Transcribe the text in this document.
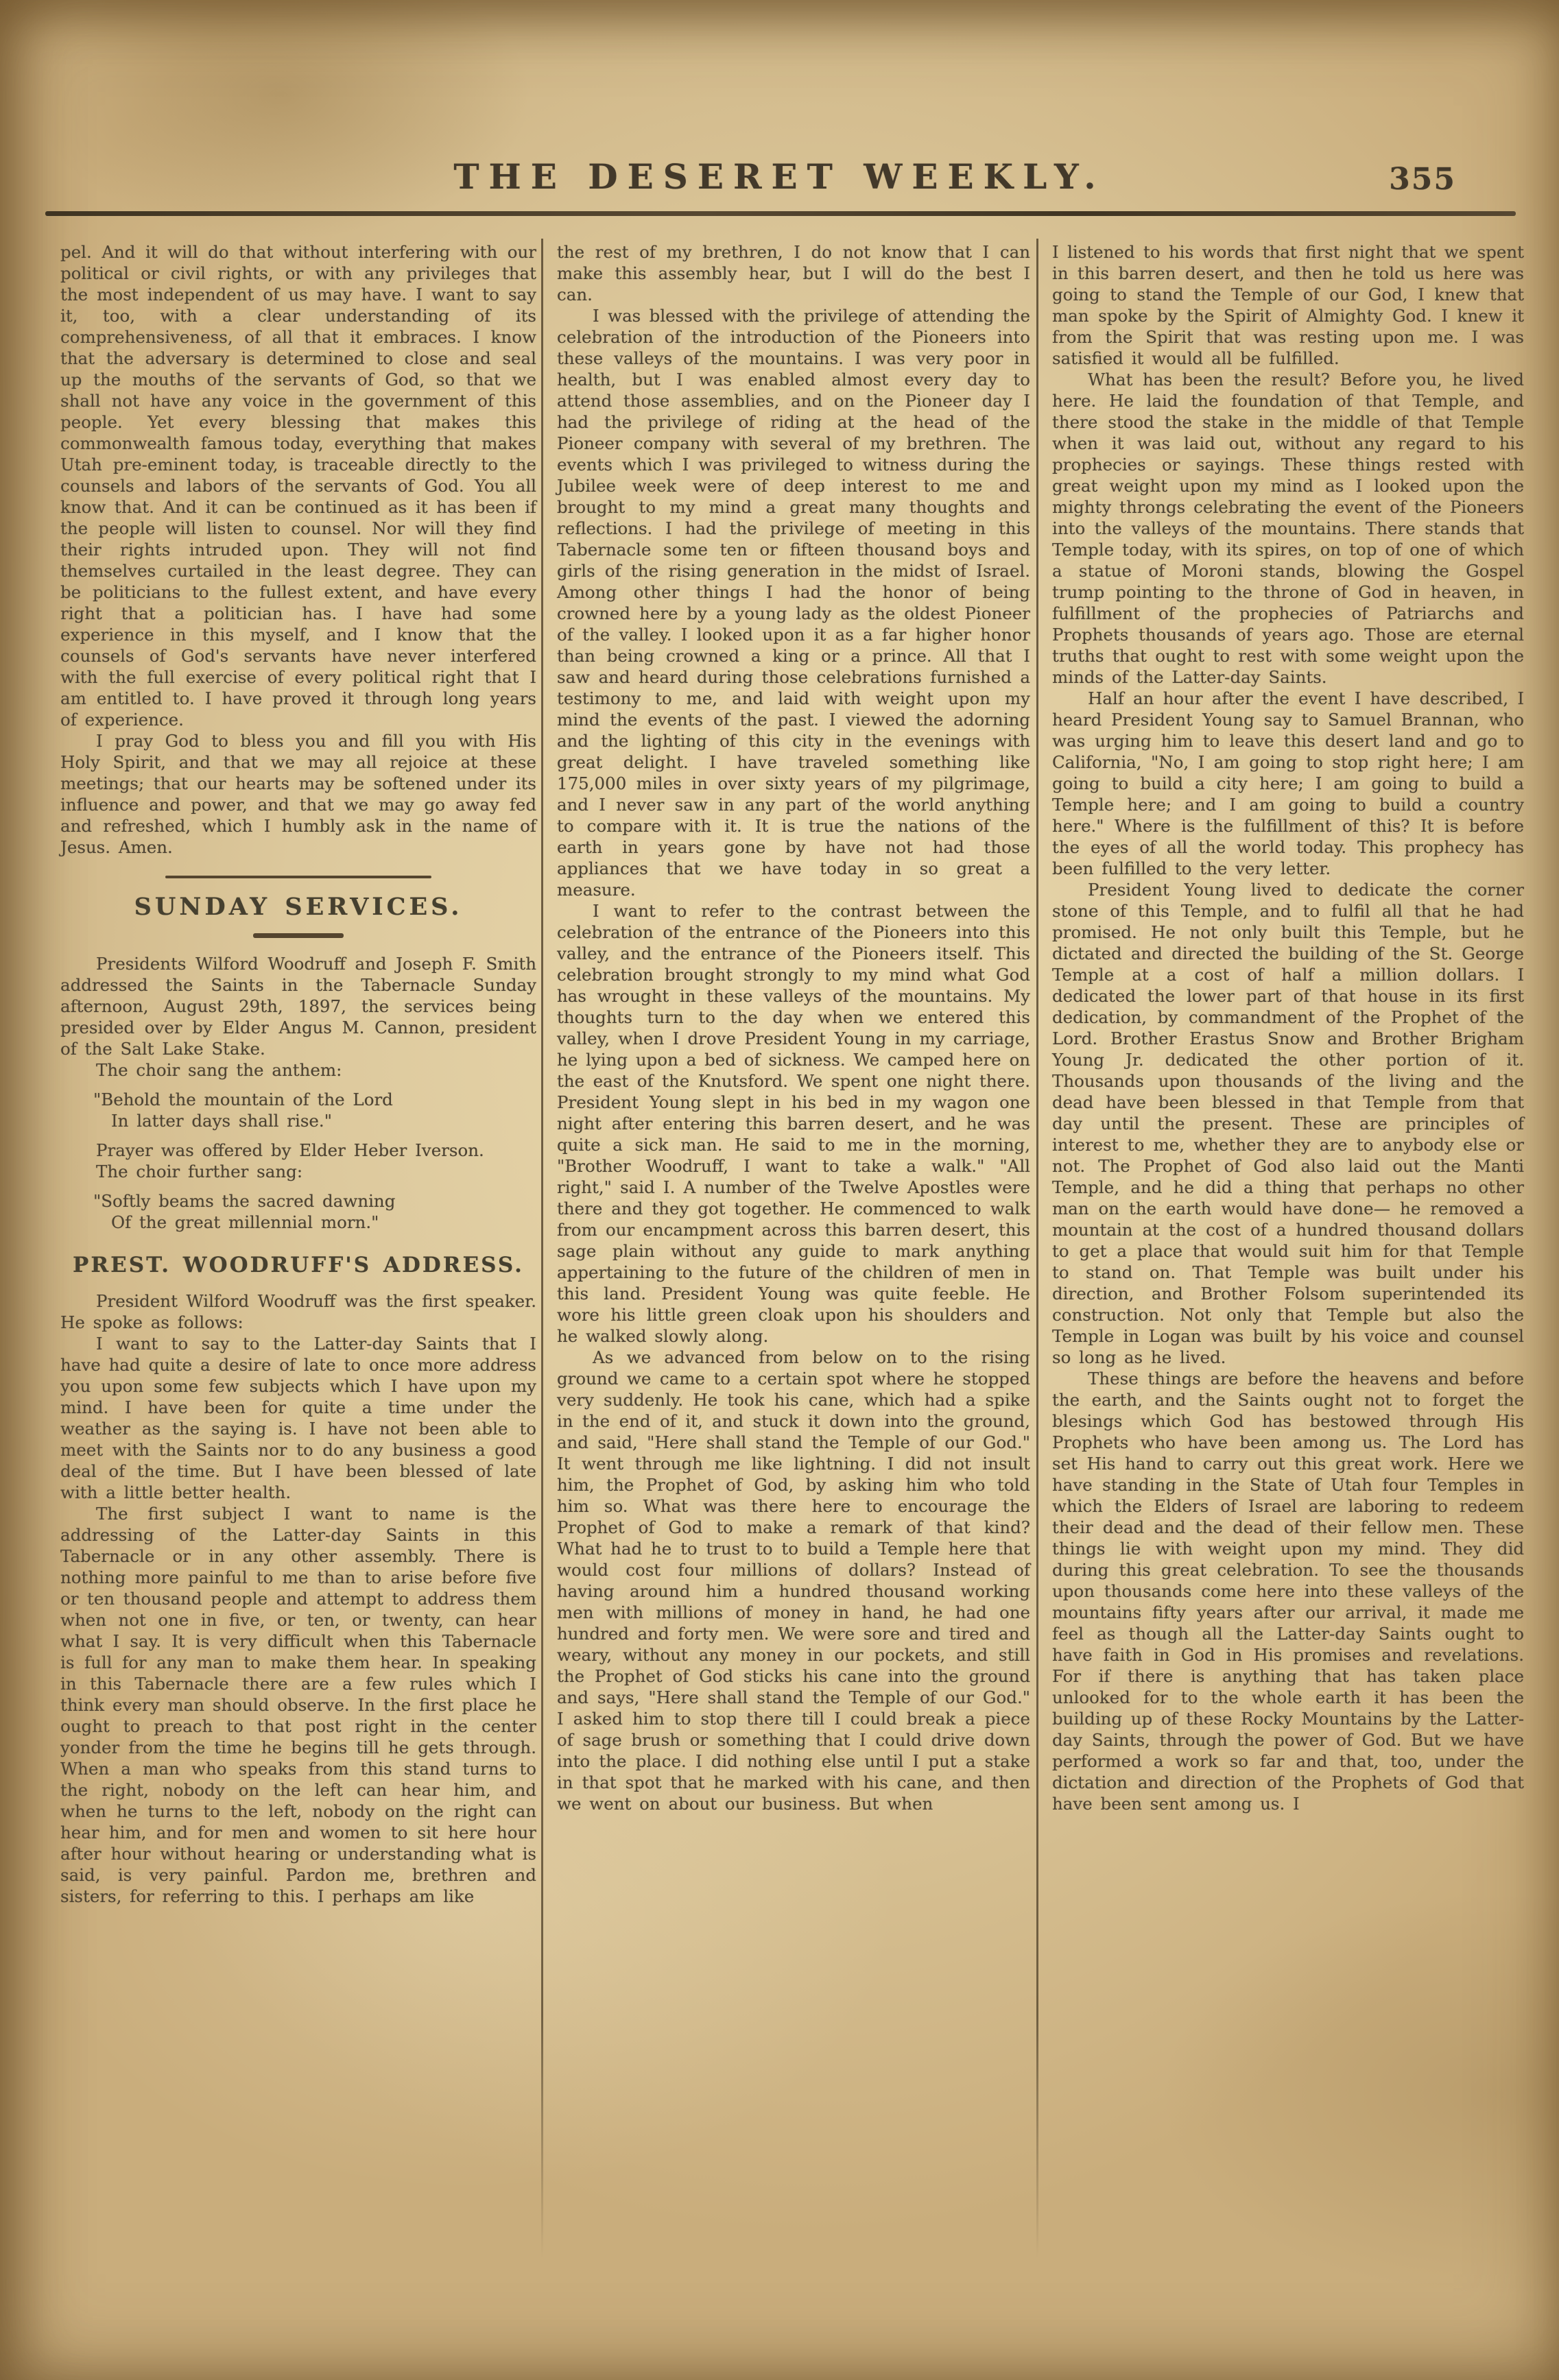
THE DESERET WEEKLY.	355
pel. And it will do that without interfering with our political or civil rights, or with any privileges that the most independent of us may have. I want to say it, too, with a clear understanding of its comprehensiveness, of all that it embraces. I know that the adversary is determined to close and seal up the mouths of the servants of God, so that we shall not have any voice in the government of this people. Yet every blessing that makes this commonwealth famous today, everything that makes Utah pre-eminent today, is traceable directly to the counsels and labors of the servants of God. You all know that. And it can be continued as it has been if the people will listen to counsel. Nor will they find their rights intruded upon. They will not find themselves curtailed in the least degree. They can be politicians to the fullest extent, and have every right that a politician has. I have had some experience in this myself, and I know that the counsels of God's servants have never interfered with the full exercise of every political right that I am entitled to. I have proved it through long years of experience.
I pray God to bless you and fill you with His Holy Spirit, and that we may all rejoice at these meetings; that our hearts may be softened under its influence and power, and that we may go away fed and refreshed, which I humbly ask in the name of Jesus. Amen.
SUNDAY SERVICES.
Presidents Wilford Woodruff and Joseph F. Smith addressed the Saints in the Tabernacle Sunday afternoon, August 29th, 1897, the services being presided over by Elder Angus M. Cannon, president of the Salt Lake Stake.
The choir sang the anthem:
"Behold the mountain of the Lord
In latter days shall rise."
Prayer was offered by Elder Heber Iverson.
The choir further sang:
"Softly beams the sacred dawning
Of the great millennial morn."
PREST. WOODRUFF'S ADDRESS.
President Wilford Woodruff was the first speaker. He spoke as follows:
I want to say to the Latter-day Saints that I have had quite a desire of late to once more address you upon some few subjects which I have upon my mind. I have been for quite a time under the weather as the saying is. I have not been able to meet with the Saints nor to do any business a good deal of the time. But I have been blessed of late with a little better health.
The first subject I want to name is the addressing of the Latter-day Saints in this Tabernacle or in any other assembly. There is nothing more painful to me than to arise before five or ten thousand people and attempt to address them when not one in five, or ten, or twenty, can hear what I say. It is very difficult when this Tabernacle is full for any man to make them hear. In speaking in this Tabernacle there are a few rules which I think every man should observe. In the first place he ought to preach to that post right in the center yonder from the time he begins till he gets through. When a man who speaks from this stand turns to the right, nobody on the left can hear him, and when he turns to the left, nobody on the right can hear him, and for men and women to sit here hour after hour without hearing or understanding what is said, is very painful. Pardon me, brethren and sisters, for referring to this. I perhaps am like
the rest of my brethren, I do not know that I can make this assembly hear, but I will do the best I can.
I was blessed with the privilege of attending the celebration of the introduction of the Pioneers into these valleys of the mountains. I was very poor in health, but I was enabled almost every day to attend those assemblies, and on the Pioneer day I had the privilege of riding at the head of the Pioneer company with several of my brethren. The events which I was privileged to witness during the Jubilee week were of deep interest to me and brought to my mind a great many thoughts and reflections. I had the privilege of meeting in this Tabernacle some ten or fifteen thousand boys and girls of the rising generation in the midst of Israel. Among other things I had the honor of being crowned here by a young lady as the oldest Pioneer of the valley. I looked upon it as a far higher honor than being crowned a king or a prince. All that I saw and heard during those celebrations furnished a testimony to me, and laid with weight upon my mind the events of the past. I viewed the adorning and the lighting of this city in the evenings with great delight. I have traveled something like 175,000 miles in over sixty years of my pilgrimage, and I never saw in any part of the world anything to compare with it. It is true the nations of the earth in years gone by have not had those appliances that we have today in so great a measure.
I want to refer to the contrast between the celebration of the entrance of the Pioneers into this valley, and the entrance of the Pioneers itself. This celebration brought strongly to my mind what God has wrought in these valleys of the mountains. My thoughts turn to the day when we entered this valley, when I drove President Young in my carriage, he lying upon a bed of sickness. We camped here on the east of the Knutsford. We spent one night there. President Young slept in his bed in my wagon one night after entering this barren desert, and he was quite a sick man. He said to me in the morning, "Brother Woodruff, I want to take a walk." "All right," said I. A number of the Twelve Apostles were there and they got together. He commenced to walk from our encampment across this barren desert, this sage plain without any guide to mark anything appertaining to the future of the children of men in this land. President Young was quite feeble. He wore his little green cloak upon his shoulders and he walked slowly along.
As we advanced from below on to the rising ground we came to a certain spot where he stopped very suddenly. He took his cane, which had a spike in the end of it, and stuck it down into the ground, and said, "Here shall stand the Temple of our God." It went through me like lightning. I did not insult him, the Prophet of God, by asking him who told him so. What was there here to encourage the Prophet of God to make a remark of that kind? What had he to trust to to build a Temple here that would cost four millions of dollars? Instead of having around him a hundred thousand working men with millions of money in hand, he had one hundred and forty men. We were sore and tired and weary, without any money in our pockets, and still the Prophet of God sticks his cane into the ground and says, "Here shall stand the Temple of our God." I asked him to stop there till I could break a piece of sage brush or something that I could drive down into the place. I did nothing else until I put a stake in that spot that he marked with his cane, and then we went on about our business. But when
I listened to his words that first night that we spent in this barren desert, and then he told us here was going to stand the Temple of our God, I knew that man spoke by the Spirit of Almighty God. I knew it from the Spirit that was resting upon me. I was satisfied it would all be fulfilled.
What has been the result? Before you, he lived here. He laid the foundation of that Temple, and there stood the stake in the middle of that Temple when it was laid out, without any regard to his prophecies or sayings. These things rested with great weight upon my mind as I looked upon the mighty throngs celebrating the event of the Pioneers into the valleys of the mountains. There stands that Temple today, with its spires, on top of one of which a statue of Moroni stands, blowing the Gospel trump pointing to the throne of God in heaven, in fulfillment of the prophecies of Patriarchs and Prophets thousands of years ago. Those are eternal truths that ought to rest with some weight upon the minds of the Latter-day Saints.
Half an hour after the event I have described, I heard President Young say to Samuel Brannan, who was urging him to leave this desert land and go to California, "No, I am going to stop right here; I am going to build a city here; I am going to build a Temple here; and I am going to build a country here." Where is the fulfillment of this? It is before the eyes of all the world today. This prophecy has been fulfilled to the very letter.
President Young lived to dedicate the corner stone of this Temple, and to fulfil all that he had promised. He not only built this Temple, but he dictated and directed the building of the St. George Temple at a cost of half a million dollars. I dedicated the lower part of that house in its first dedication, by commandment of the Prophet of the Lord. Brother Erastus Snow and Brother Brigham Young Jr. dedicated the other portion of it. Thousands upon thousands of the living and the dead have been blessed in that Temple from that day until the present. These are principles of interest to me, whether they are to anybody else or not. The Prophet of God also laid out the Manti Temple, and he did a thing that perhaps no other man on the earth would have done— he removed a mountain at the cost of a hundred thousand dollars to get a place that would suit him for that Temple to stand on. That Temple was built under his direction, and Brother Folsom superintended its construction. Not only that Temple but also the Temple in Logan was built by his voice and counsel so long as he lived.
These things are before the heavens and before the earth, and the Saints ought not to forget the blesings which God has bestowed through His Prophets who have been among us. The Lord has set His hand to carry out this great work. Here we have standing in the State of Utah four Temples in which the Elders of Israel are laboring to redeem their dead and the dead of their fellow men. These things lie with weight upon my mind. They did during this great celebration. To see the thousands upon thousands come here into these valleys of the mountains fifty years after our arrival, it made me feel as though all the Latter-day Saints ought to have faith in God in His promises and revelations. For if there is anything that has taken place unlooked for to the whole earth it has been the building up of these Rocky Mountains by the Latter-day Saints, through the power of God. But we have performed a work so far and that, too, under the dictation and direction of the Prophets of God that have been sent among us. I
